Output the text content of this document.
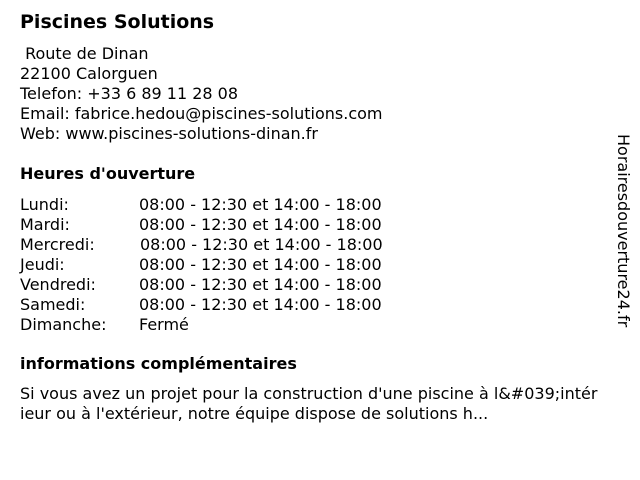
Piscines Solutions
Route de Dinan
22100 Calorguen
Telefon: +33 6 89 11 28 08
Email: fabrice.hedou@piscines-solutions.com
Web: www.piscines-solutions-dinan.fr
Heures d'ouverture
Lundi:	08:00 - 12:30 et 14:00 - 18:00
Mardi:	08:00 - 12:30 et 14:00 - 18:00
Mercredi:	08:00 - 12:30 et 14:00 - 18:00
Jeudi:	08:00 - 12:30 et 14:00 - 18:00
Vendredi:	08:00 - 12:30 et 14:00 - 18:00
Samedi:	08:00 - 12:30 et 14:00 - 18:00
Dimanche: Fermé
informations complémentaires
Si vous avez un projet pour la construction d'une piscine à l&#039;intérieur ou à l'extérieur, notre équipe dispose de solutions h...
Horairesdouverture24.fr
